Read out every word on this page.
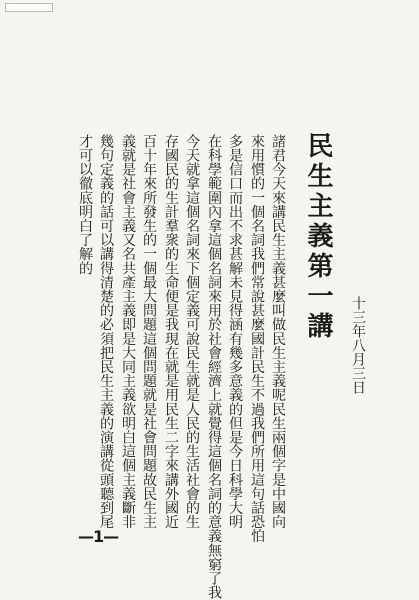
十三年八月三日
民生主義第一講
諸君今天來講民生主義甚麼叫做民生主義呢民生兩個字是中國向
來用慣的一個名詞我們常說甚麼國計民生不過我們所用這句話恐怕
多是信口而出不求甚解未見得涵有幾多意義的但是今日科學大明
在科學範圍內拿這個名詞來用於社會經濟上就覺得這個名詞的意義無窮了我
今天就拿這個名詞來下個定義可說民生就是人民的生活社會的生
存國民的生計羣衆的生命便是我現在就是用民生二字來講外國近
百十年來所發生的一個最大問題這個問題就是社會問題故民生主
義就是社會主義又名共產主義即是大同主義欲明白這個主義斷非
幾句定義的話可以講得清楚的必須把民生主義的演講從頭聽到尾
才可以徹底明白了解的
—1—
